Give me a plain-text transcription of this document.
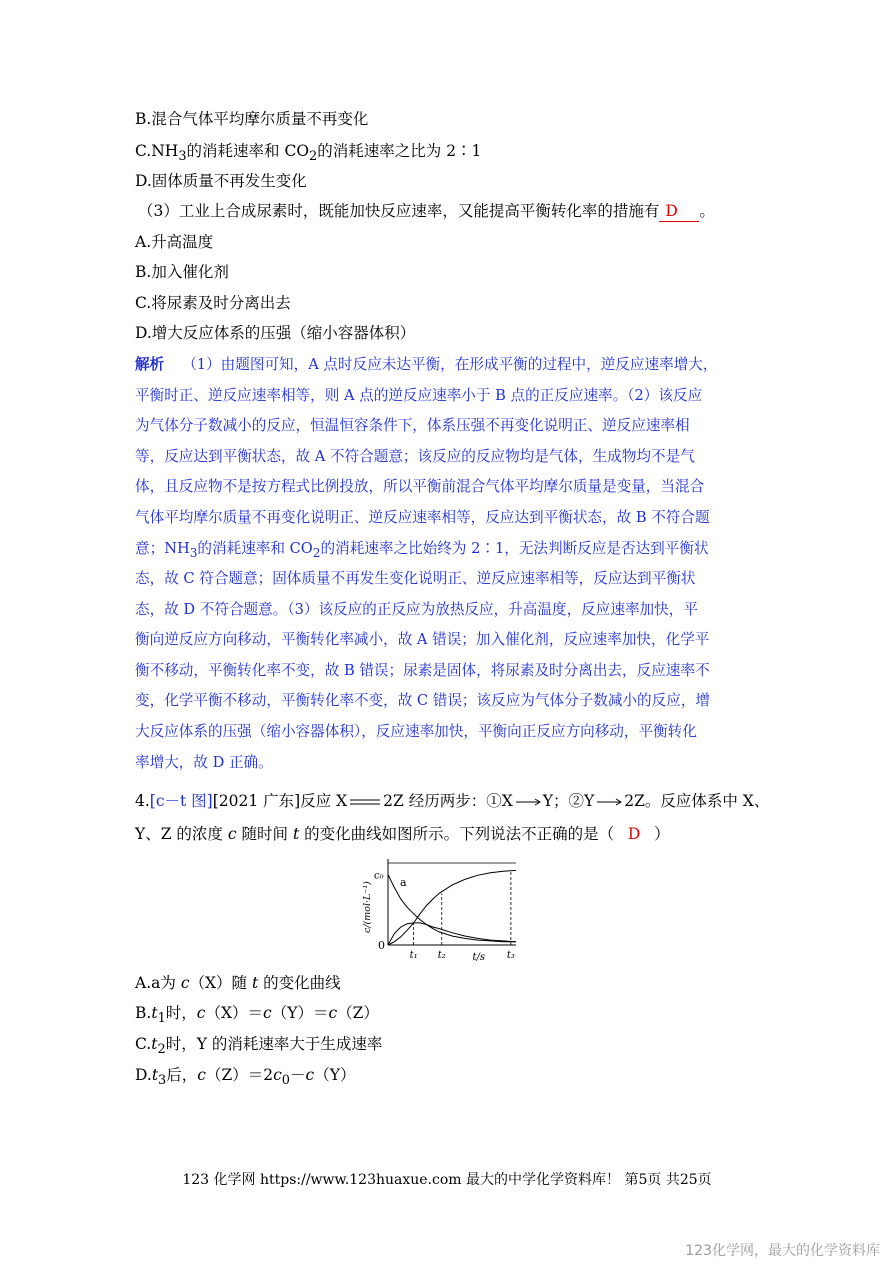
B.混合气体平均摩尔质量不再变化
$C.NH_3$的消耗速率和 $CO_2$的消耗速率之比为 2∶1
D.固体质量不再发生变化
（3）工业上合成尿素时，既能加快反应速率，又能提高平衡转化率的措施有 D 。
A.升高温度
B.加入催化剂
C.将尿素及时分离出去
D.增大反应体系的压强（缩小容器体积）
解析 （1）由题图可知，A 点时反应未达平衡，在形成平衡的过程中，逆反应速率增大，
平衡时正、逆反应速率相等，则 A 点的逆反应速率小于 B 点的正反应速率。（2）该反应
为气体分子数减小的反应，恒温恒容条件下，体系压强不再变化说明正、逆反应速率相
等，反应达到平衡状态，故 A 不符合题意；该反应的反应物均是气体，生成物均不是气
体，且反应物不是按方程式比例投放，所以平衡前混合气体平均摩尔质量是变量，当混合
气体平均摩尔质量不再变化说明正、逆反应速率相等，反应达到平衡状态，故 B 不符合题
意；$NH_3$的消耗速率和 $CO_2$的消耗速率之比始终为 2∶1，无法判断反应是否达到平衡状
态，故 C 符合题意；固体质量不再发生变化说明正、逆反应速率相等，反应达到平衡状
态，故 D 不符合题意。（3）该反应的正反应为放热反应，升高温度，反应速率加快，平
衡向逆反应方向移动，平衡转化率减小，故 A 错误；加入催化剂，反应速率加快，化学平
衡不移动，平衡转化率不变，故 B 错误；尿素是固体，将尿素及时分离出去，反应速率不
变，化学平衡不移动，平衡转化率不变，故 C 错误；该反应为气体分子数减小的反应，增
大反应体系的压强（缩小容器体积），反应速率加快，平衡向正反应方向移动，平衡转化
率增大，故 D 正确。
4.[c－t 图][2021 广东]反应 X 2Z 经历两步：①X Y；②Y 2Z。反应体系中 X、
Y、Z 的浓度 c 随时间 t 的变化曲线如图所示。下列说法不正确的是（ D ）
0
c₀ a
t₁ t₂	t₃
t/s
c/(mol·L⁻¹)
A.a为 c（X）随 t 的变化曲线
$B.t_1$时，c（X）＝c（Y）＝c（Z）
$C.t_2$时，Y 的消耗速率大于生成速率
$D.t_3$后，$c(Z)=2c_0-c(Y)$
123 化学网 https://www.123huaxue.com 最大的中学化学资料库！ 第5页 共25页
123化学网，最大的化学资料库
